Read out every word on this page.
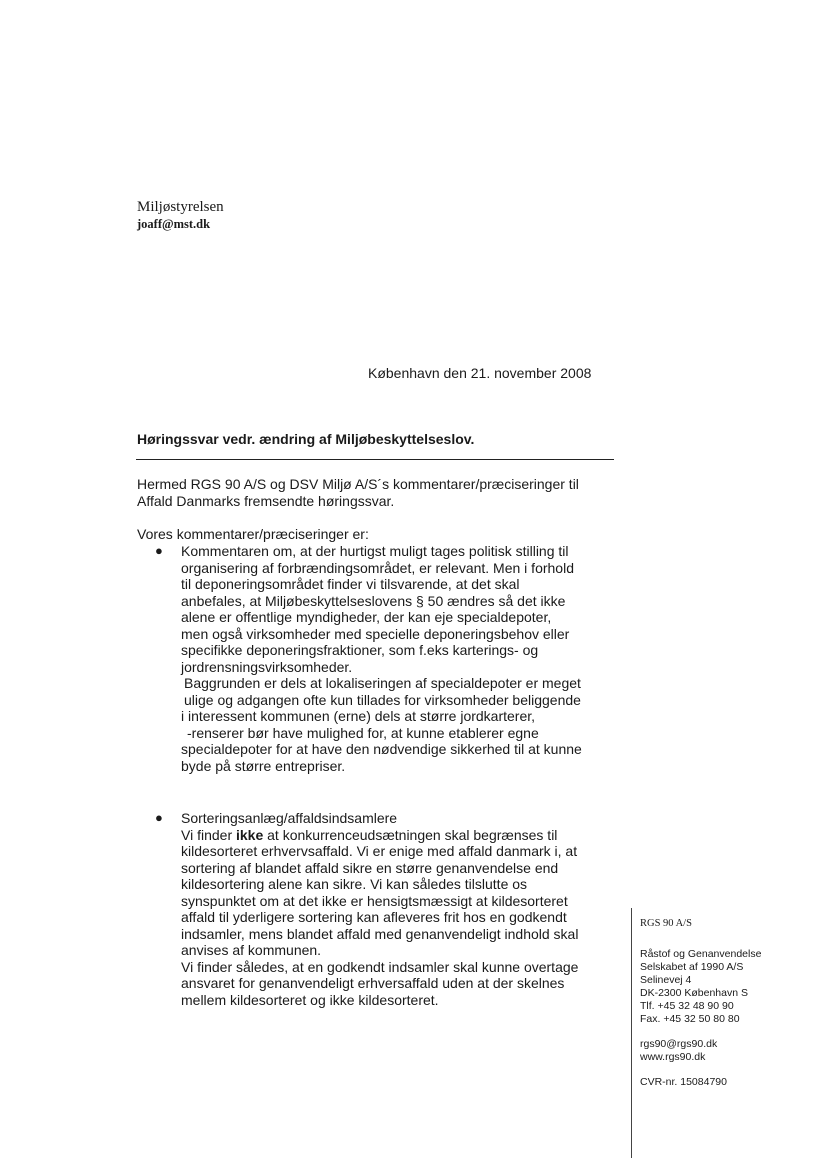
Miljøstyrelsen
joaff@mst.dk
København den 21. november 2008
Høringssvar vedr. ændring af Miljøbeskyttelseslov.
Hermed RGS 90 A/S og DSV Miljø A/S´s kommentarer/præciseringer til
Affald Danmarks fremsendte høringssvar.
Vores kommentarer/præciseringer er:
● Kommentaren om, at der hurtigst muligt tages politisk stilling til
organisering af forbrændingsområdet, er relevant. Men i forhold
til deponeringsområdet finder vi tilsvarende, at det skal
anbefales, at Miljøbeskyttelseslovens § 50 ændres så det ikke
alene er offentlige myndigheder, der kan eje specialdepoter,
men også virksomheder med specielle deponeringsbehov eller
specifikke deponeringsfraktioner, som f.eks karterings- og
jordrensningsvirksomheder.
Baggrunden er dels at lokaliseringen af specialdepoter er meget
ulige og adgangen ofte kun tillades for virksomheder beliggende
i interessent kommunen (erne) dels at større jordkarterer,
-renserer bør have mulighed for, at kunne etablerer egne
specialdepoter for at have den nødvendige sikkerhed til at kunne
byde på større entrepriser.
● Sorteringsanlæg/affaldsindsamlere
Vi finder ikke at konkurrenceudsætningen skal begrænses til
kildesorteret erhvervsaffald. Vi er enige med affald danmark i, at
sortering af blandet affald sikre en større genanvendelse end
kildesortering alene kan sikre. Vi kan således tilslutte os
synspunktet om at det ikke er hensigtsmæssigt at kildesorteret
affald til yderligere sortering kan afleveres frit hos en godkendt
indsamler, mens blandet affald med genanvendeligt indhold skal
anvises af kommunen.
Vi finder således, at en godkendt indsamler skal kunne overtage
ansvaret for genanvendeligt erhversaffald uden at der skelnes
mellem kildesorteret og ikke kildesorteret.
RGS 90 A/S
Råstof og Genanvendelse
Selskabet af 1990 A/S
Selinevej 4
DK-2300 København S
Tlf. +45 32 48 90 90
Fax. +45 32 50 80 80
rgs90@rgs90.dk
www.rgs90.dk
CVR-nr. 15084790
